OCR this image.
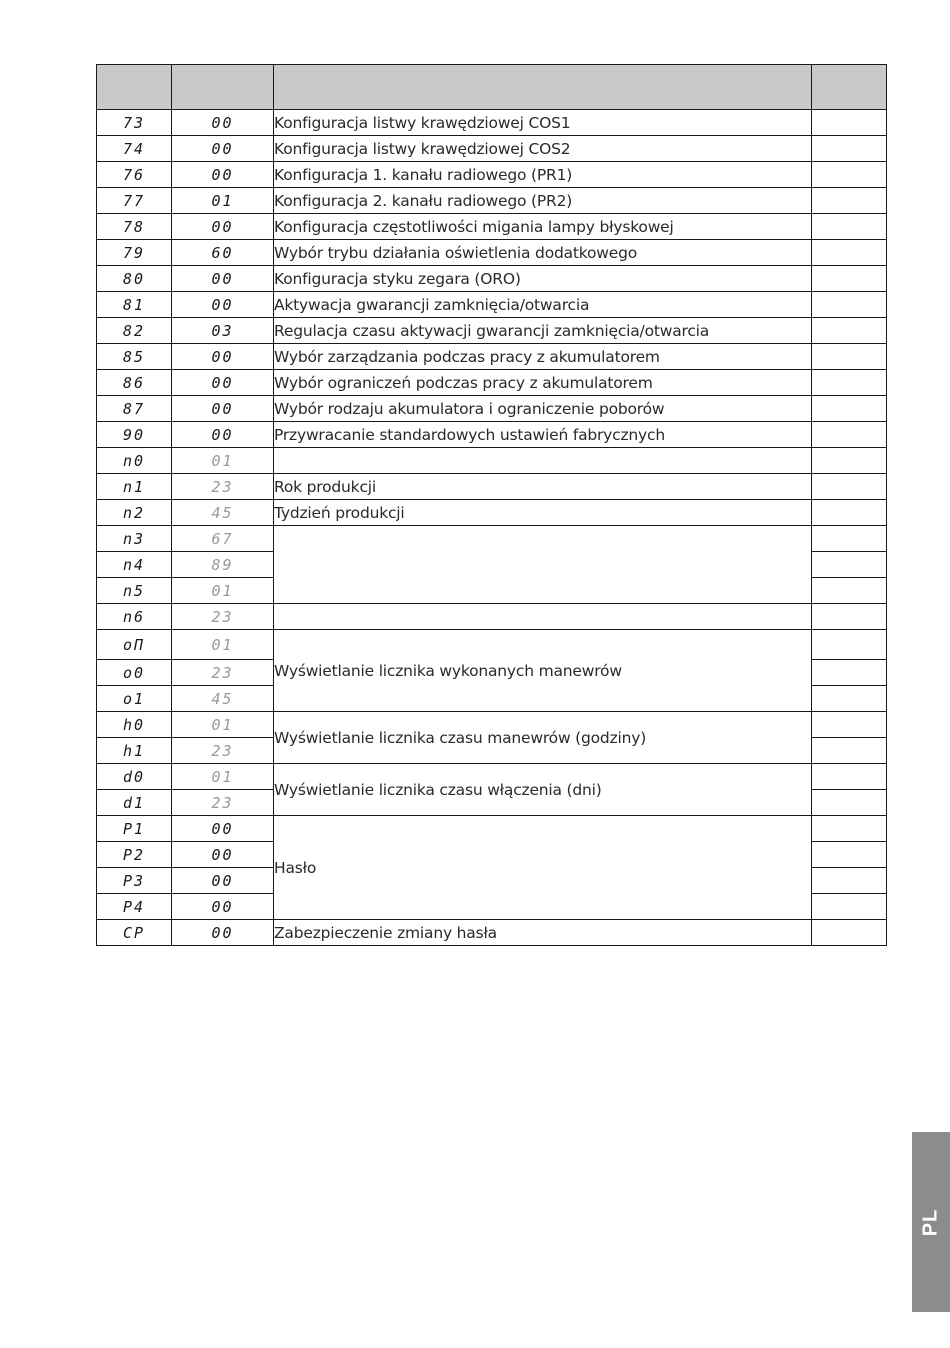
73	00	Konfiguracja listwy krawędziowej COS1	
74	00	Konfiguracja listwy krawędziowej COS2	
76	00	Konfiguracja 1. kanału radiowego (PR1)	
77	01	Konfiguracja 2. kanału radiowego (PR2)	
78	00	Konfiguracja częstotliwości migania lampy błyskowej	
79	60	Wybór trybu działania oświetlenia dodatkowego	
80	00	Konfiguracja styku zegara (ORO)	
81	00	Aktywacja gwarancji zamknięcia/otwarcia	
82	03	Regulacja czasu aktywacji gwarancji zamknięcia/otwarcia	
85	00	Wybór zarządzania podczas pracy z akumulatorem	
86	00	Wybór ograniczeń podczas pracy z akumulatorem	
87	00	Wybór rodzaju akumulatora i ograniczenie poborów	
90	00	Przywracanie standardowych ustawień fabrycznych	
n0	01		
n1	23	Rok produkcji	
n2	45	Tydzień produkcji	
n3	67		
n4	89		
n5	01		
n6	23		
oП	01	Wyświetlanie licznika wykonanych manewrów	
o0	23		
o1	45		
h0	01	Wyświetlanie licznika czasu manewrów (godziny)	
h1	23		
d0	01	Wyświetlanie licznika czasu włączenia (dni)	
d1	23		
P1	00	Hasło	
P2	00		
P3	00		
P4	00		
CP	00	Zabezpieczenie zmiany hasła	
PL
